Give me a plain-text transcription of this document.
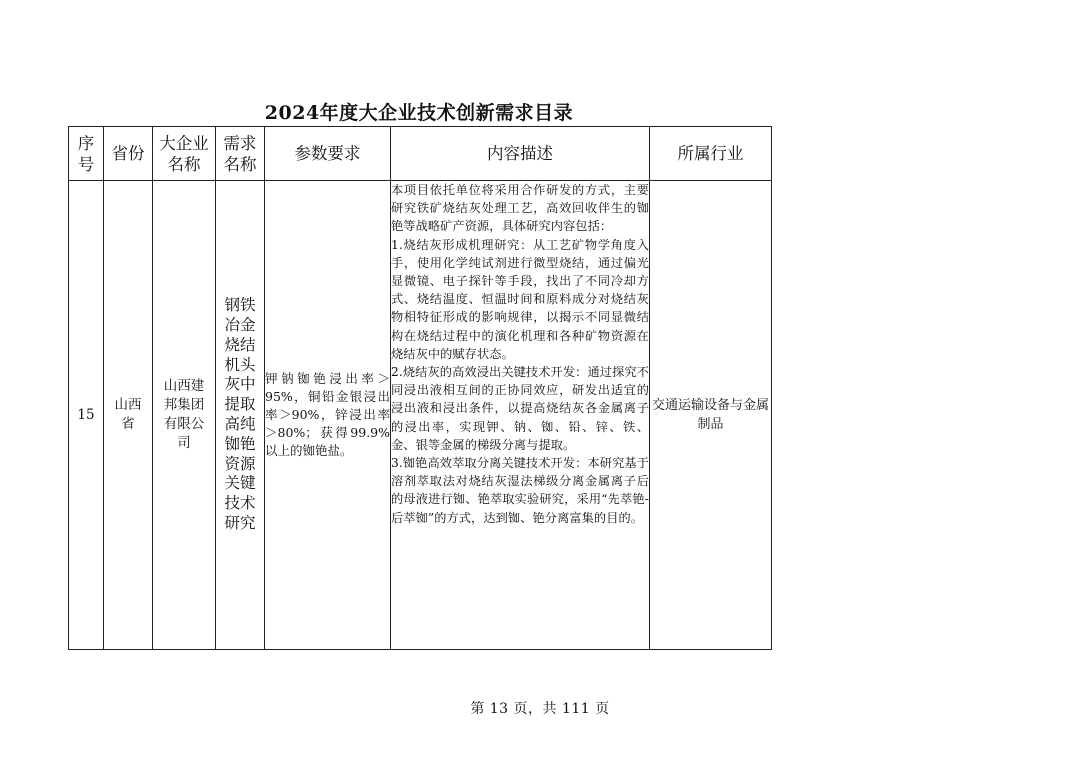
2024年度大企业技术创新需求目录
序号	省份	大企业名称	需求名称	参数要求	内容描述	所属行业
15	山西省	山西建邦集团有限公司	钢铁冶金烧结机头灰中提取高纯铷铯资源关键技术研究	钾钠铷铯浸出率＞95%，铜铅金银浸出率＞90%，锌浸出率＞80%；获得99.9%以上的铷铯盐。	本项目依托单位将采用合作研发的方式，主要研究铁矿烧结灰处理工艺，高效回收伴生的铷铯等战略矿产资源，具体研究内容包括：

1.烧结灰形成机理研究：从工艺矿物学角度入手，使用化学纯试剂进行微型烧结，通过偏光显微镜、电子探针等手段，找出了不同冷却方式、烧结温度、恒温时间和原料成分对烧结灰物相特征形成的影响规律，以揭示不同显微结构在烧结过程中的演化机理和各种矿物资源在烧结灰中的赋存状态。

2.烧结灰的高效浸出关键技术开发：通过探究不同浸出液相互间的正协同效应，研发出适宜的浸出液和浸出条件，以提高烧结灰各金属离子的浸出率，实现钾、钠、铷、铅、锌、铁、金、银等金属的梯级分离与提取。

3.铷铯高效萃取分离关键技术开发：本研究基于溶剂萃取法对烧结灰湿法梯级分离金属离子后的母液进行铷、铯萃取实验研究，采用“先萃铯-后萃铷”的方式，达到铷、铯分离富集的目的。	交通运输设备与金属制品
第 13 页，共 111 页
